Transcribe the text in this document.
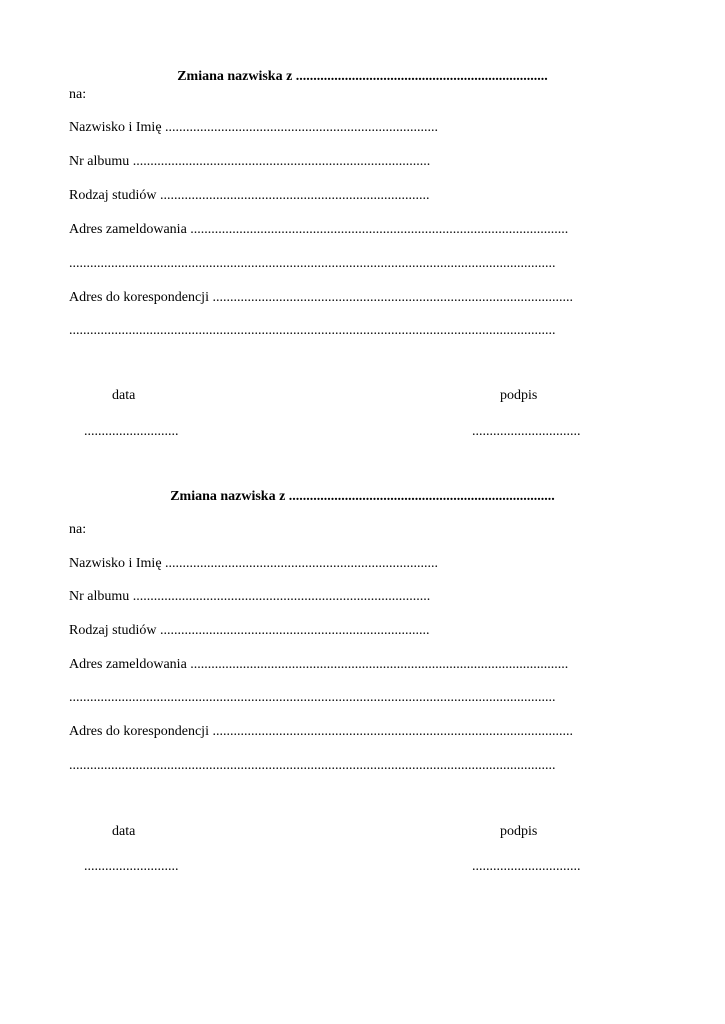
Zmiana nazwiska z ........................................................................
na:
Nazwisko i Imię ..............................................................................
Nr albumu .....................................................................................
Rodzaj studiów .............................................................................
Adres zameldowania ............................................................................................................
...........................................................................................................................................
Adres do korespondencji .......................................................................................................
...........................................................................................................................................
data	podpis
...........................	...............................
Zmiana nazwiska z ............................................................................
na:
Nazwisko i Imię ..............................................................................
Nr albumu .....................................................................................
Rodzaj studiów .............................................................................
Adres zameldowania ............................................................................................................
...........................................................................................................................................
Adres do korespondencji .......................................................................................................
...........................................................................................................................................
data	podpis
...........................	...............................
